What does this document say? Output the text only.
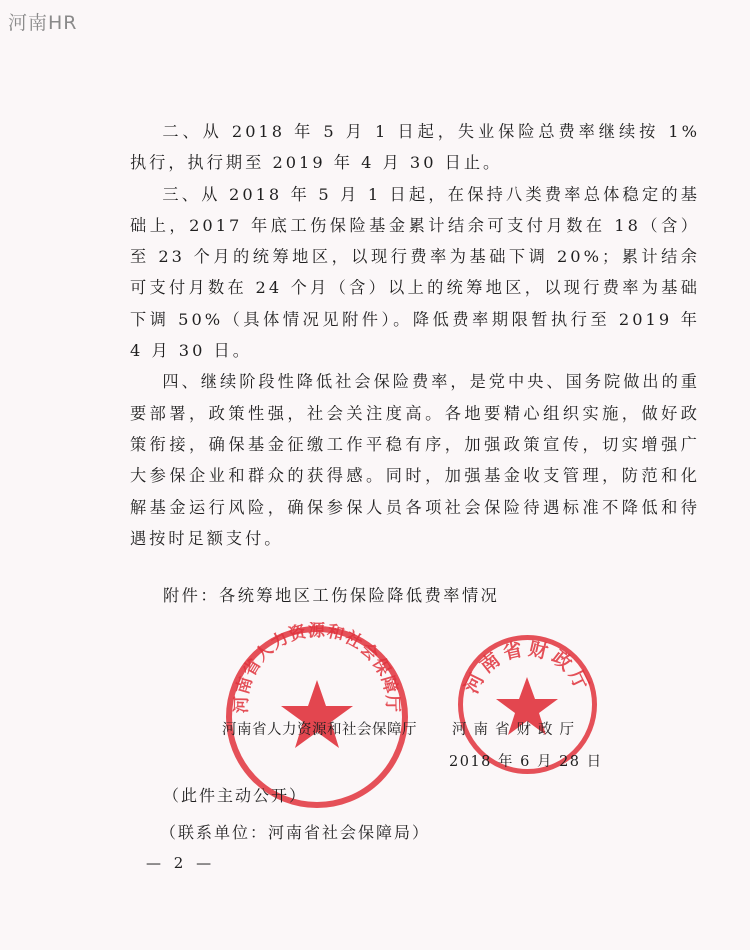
河南HR

二、从 2018 年 5 月 1 日起，失业保险总费率继续按 1% 执行，执行期至 2019 年 4 月 30 日止。

三、从 2018 年 5 月 1 日起，在保持八类费率总体稳定的基础上，2017 年底工伤保险基金累计结余可支付月数在 18（含）至 23 个月的统筹地区，以现行费率为基础下调 20%；累计结余可支付月数在 24 个月（含）以上的统筹地区，以现行费率为基础下调 50%（具体情况见附件）。降低费率期限暂执行至 2019 年 4 月 30 日。

四、继续阶段性降低社会保险费率，是党中央、国务院做出的重要部署，政策性强，社会关注度高。各地要精心组织实施，做好政策衔接，确保基金征缴工作平稳有序，加强政策宣传，切实增强广大参保企业和群众的获得感。同时，加强基金收支管理，防范和化解基金运行风险，确保参保人员各项社会保险待遇标准不降低和待遇按时足额支付。

附件：各统筹地区工伤保险降低费率情况
河南省人力资源和社会保障厅
河南省财政厅
河南省人力资源和社会保障厅 河南省财政厅
2018 年 6 月 28 日
（此件主动公开）
（联系单位：河南省社会保障局）
— 2 —
